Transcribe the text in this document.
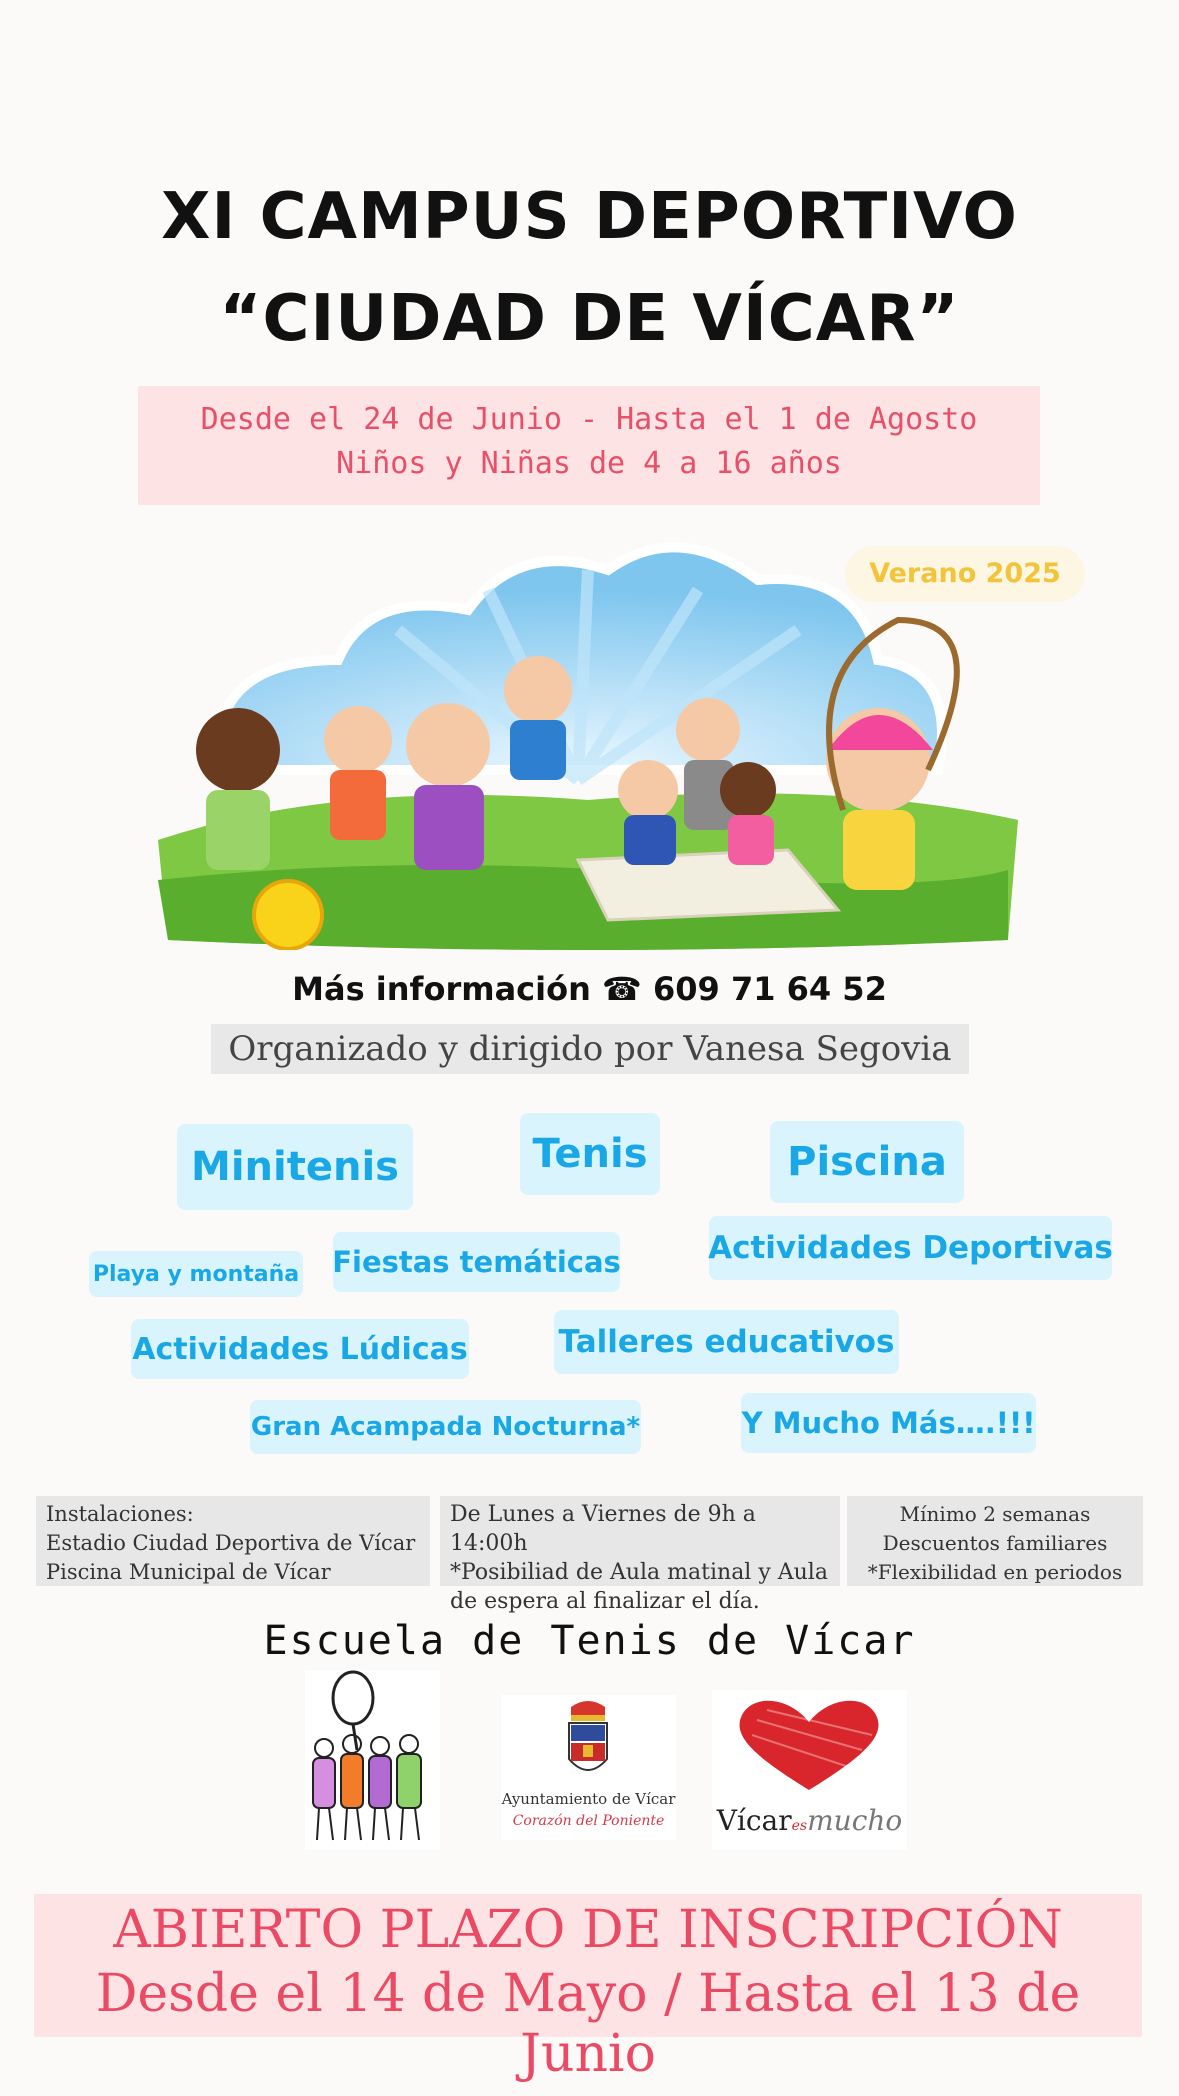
XI CAMPUS DEPORTIVO
“CIUDAD DE VÍCAR”
Desde el 24 de Junio - Hasta el 1 de Agosto
Niños y Niñas de 4 a 16 años
Verano 2025
Más información ☎ 609 71 64 52
Organizado y dirigido por Vanesa Segovia
Minitenis	Tenis	Piscina
Playa y montaña Fiestas temáticas	Actividades Deportivas
Actividades Lúdicas	Talleres educativos
Gran Acampada Nocturna*	Y Mucho Más….!!!
Instalaciones:
Estadio Ciudad Deportiva de Vícar
Piscina Municipal de Vícar
De Lunes a Viernes de 9h a 14:00h
*Posibiliad de Aula matinal y Aula
de espera al finalizar el día.
Mínimo 2 semanas
Descuentos familiares
*Flexibilidad en periodos
Escuela de Tenis de Vícar
Ayuntamiento de Vícar
Corazón del Poniente	Vícaresmucho
ABIERTO PLAZO DE INSCRIPCIÓN
Desde el 14 de Mayo / Hasta el 13 de Junio
